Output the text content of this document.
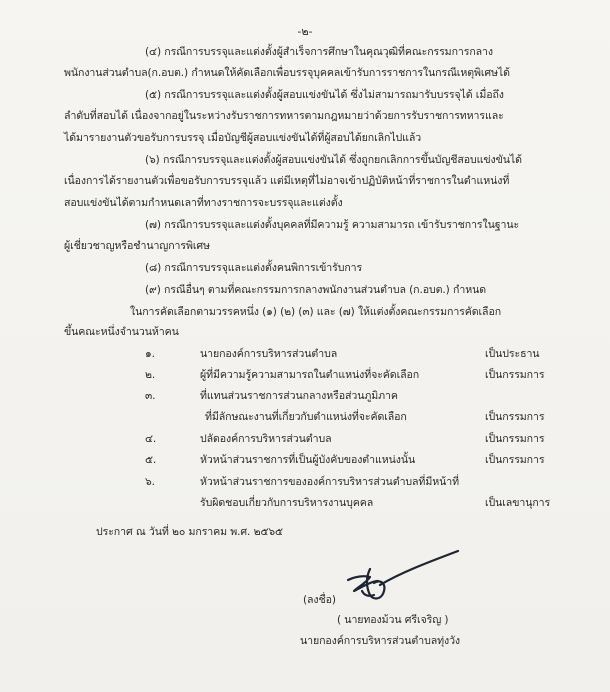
-๒-
(๔) กรณีการบรรจุและแต่งตั้งผู้สำเร็จการศึกษาในคุณวุฒิที่คณะกรรมการกลาง
พนักงานส่วนตำบล(ก.อบต.) กำหนดให้คัดเลือกเพื่อบรรจุบุคคลเข้ารับการราชการในกรณีเหตุพิเศษได้
(๕) กรณีการบรรจุและแต่งตั้งผู้สอบแข่งขันได้ ซึ่งไม่สามารถมารับบรรจุได้ เมื่อถึง
ลำดับที่สอบได้ เนื่องจากอยู่ในระหว่างรับราชการทหารตามกฎหมายว่าด้วยการรับราชการทหารและ
ได้มารายงานตัวขอรับการบรรจุ เมื่อบัญชีผู้สอบแข่งขันได้ที่ผู้สอบได้ยกเลิกไปแล้ว
(๖) กรณีการบรรจุและแต่งตั้งผู้สอบแข่งขันได้ ซึ่งถูกยกเลิกการขึ้นบัญชีสอบแข่งขันได้
เนื่องการได้รายงานตัวเพื่อขอรับการบรรจุแล้ว แต่มีเหตุที่ไม่อาจเข้าปฏิบัติหน้าที่ราชการในตำแหน่งที่
สอบแข่งขันได้ตามกำหนดเลาที่ทางราชการจะบรรจุและแต่งตั้ง
(๗) กรณีการบรรจุและแต่งตั้งบุคคลที่มีความรู้ ความสามารถ เข้ารับราชการในฐานะ
ผู้เชี่ยวชาญหรือชำนาญการพิเศษ
(๘) กรณีการบรรจุและแต่งตั้งคนพิการเข้ารับการ
(๙) กรณีอื่นๆ ตามที่คณะกรรมการกลางพนักงานส่วนตำบล (ก.อบต.) กำหนด
ในการคัดเลือกตามวรรคหนึ่ง (๑) (๒) (๓) และ (๗) ให้แต่งตั้งคณะกรรมการคัดเลือก
ขึ้นคณะหนึ่งจำนวนห้าคน
๑.	นายกองค์การบริหารส่วนตำบล	เป็นประธาน
๒.	ผู้ที่มีความรู้ความสามารถในตำแหน่งที่จะคัดเลือก	เป็นกรรมการ
๓.	ที่แทนส่วนราชการส่วนกลางหรือส่วนภูมิภาค
ที่มีลักษณะงานที่เกี่ยวกับตำแหน่งที่จะคัดเลือก	เป็นกรรมการ
๔.	ปลัดองค์การบริหารส่วนตำบล	เป็นกรรมการ
๕.	หัวหน้าส่วนราชการที่เป็นผู้บังคับของตำแหน่งนั้น	เป็นกรรมการ
๖.	หัวหน้าส่วนราชการขององค์การบริหารส่วนตำบลที่มีหน้าที่
รับผิดชอบเกี่ยวกับการบริหารงานบุคคล	เป็นเลขานุการ
ประกาศ ณ วันที่ ๒๐ มกราคม พ.ศ. ๒๕๖๕
(ลงชื่อ)
( นายทองม้วน ศรีเจริญ )
นายกองค์การบริหารส่วนตำบลทุ่งวัง
